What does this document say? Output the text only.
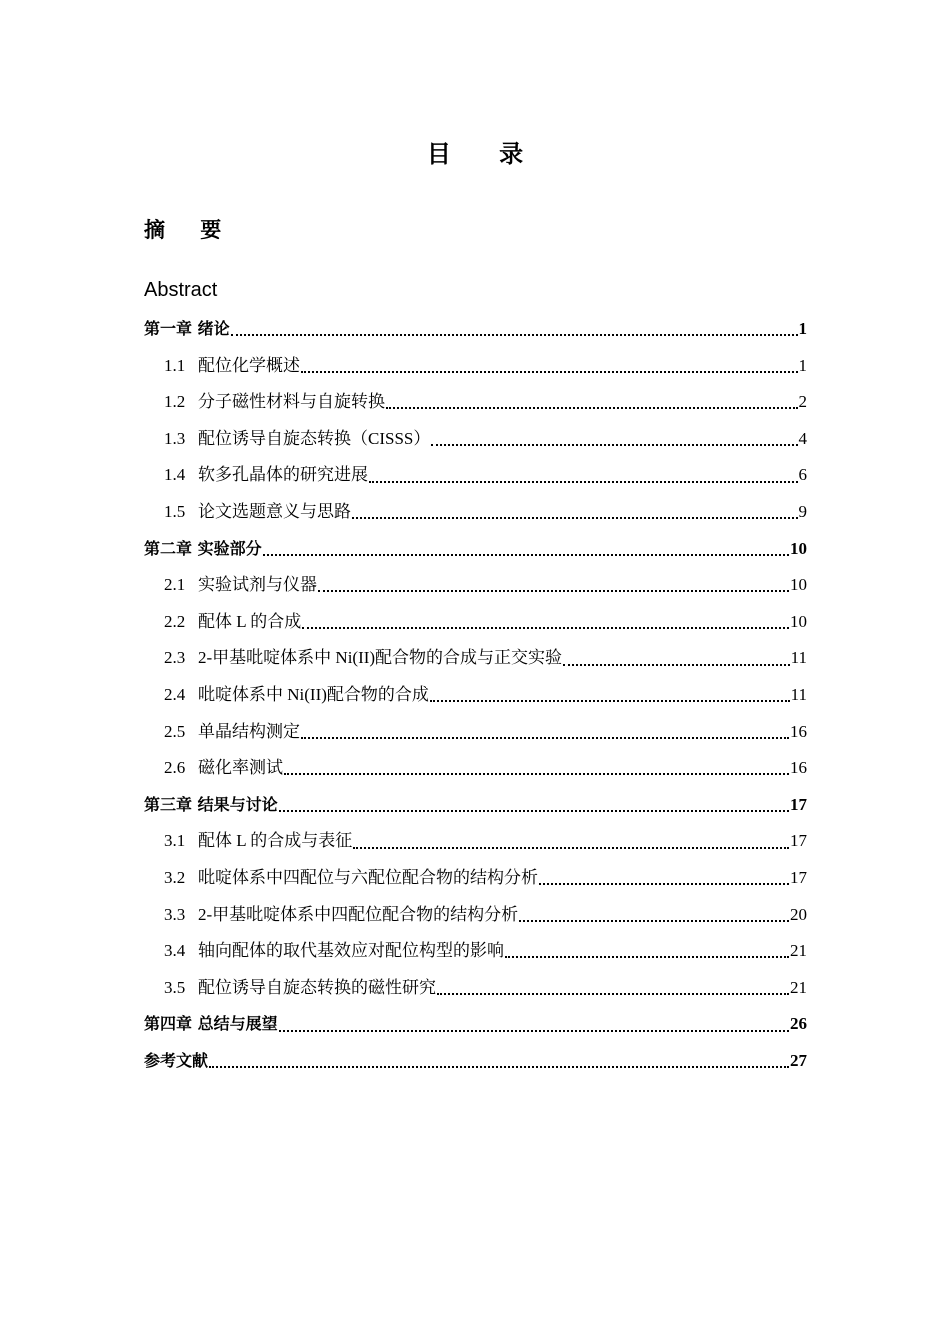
目 录
摘 要
Abstract
第一章 绪论	1
1.1 配位化学概述	1
1.2 分子磁性材料与自旋转换	2
1.3 配位诱导自旋态转换（CISSS）	4
1.4 软多孔晶体的研究进展	6
1.5 论文选题意义与思路	9
第二章 实验部分	10
2.1 实验试剂与仪器	10
2.2 配体 L 的合成	10
2.3 2-甲基吡啶体系中 Ni(II)配合物的合成与正交实验	11
2.4 吡啶体系中 Ni(II)配合物的合成	11
2.5 单晶结构测定	16
2.6 磁化率测试	16
第三章 结果与讨论	17
3.1 配体 L 的合成与表征	17
3.2 吡啶体系中四配位与六配位配合物的结构分析	17
3.3 2-甲基吡啶体系中四配位配合物的结构分析	20
3.4 轴向配体的取代基效应对配位构型的影响	21
3.5 配位诱导自旋态转换的磁性研究	21
第四章 总结与展望	26
参考文献	27
